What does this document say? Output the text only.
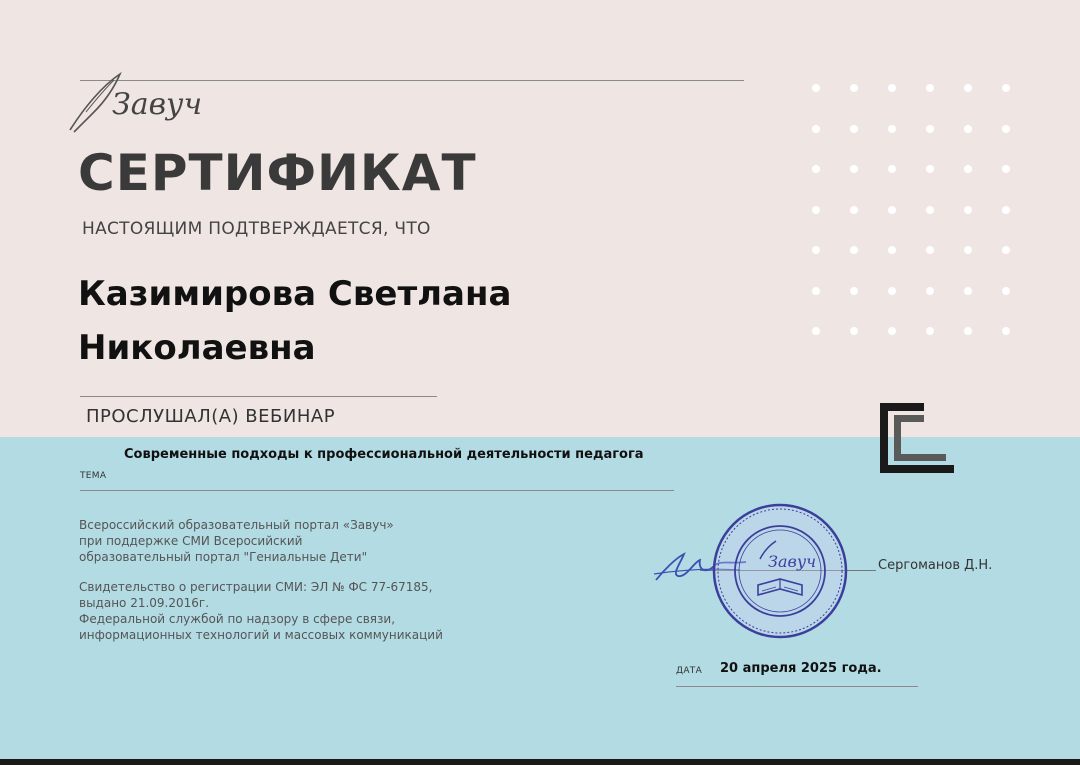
Завуч
СЕРТИФИКАТ
НАСТОЯЩИМ ПОДТВЕРЖДАЕТСЯ, ЧТО
Казимирова Светлана
Николаевна
ПРОСЛУШАЛ(А) ВЕБИНАР
Современные подходы к профессиональной деятельности педагога
ТЕМА
Всероссийский образовательный портал «Завуч»
при поддержке СМИ Всеросийский
образовательный портал "Гениальные Дети"
Свидетельство о регистрации СМИ: ЭЛ № ФС 77-67185,
выдано 21.09.2016г.
Федеральной службой по надзору в сфере связи,
информационных технологий и массовых коммуникаций
Завуч	Сергоманов Д.Н.
ДАТА 20 апреля 2025 года.
